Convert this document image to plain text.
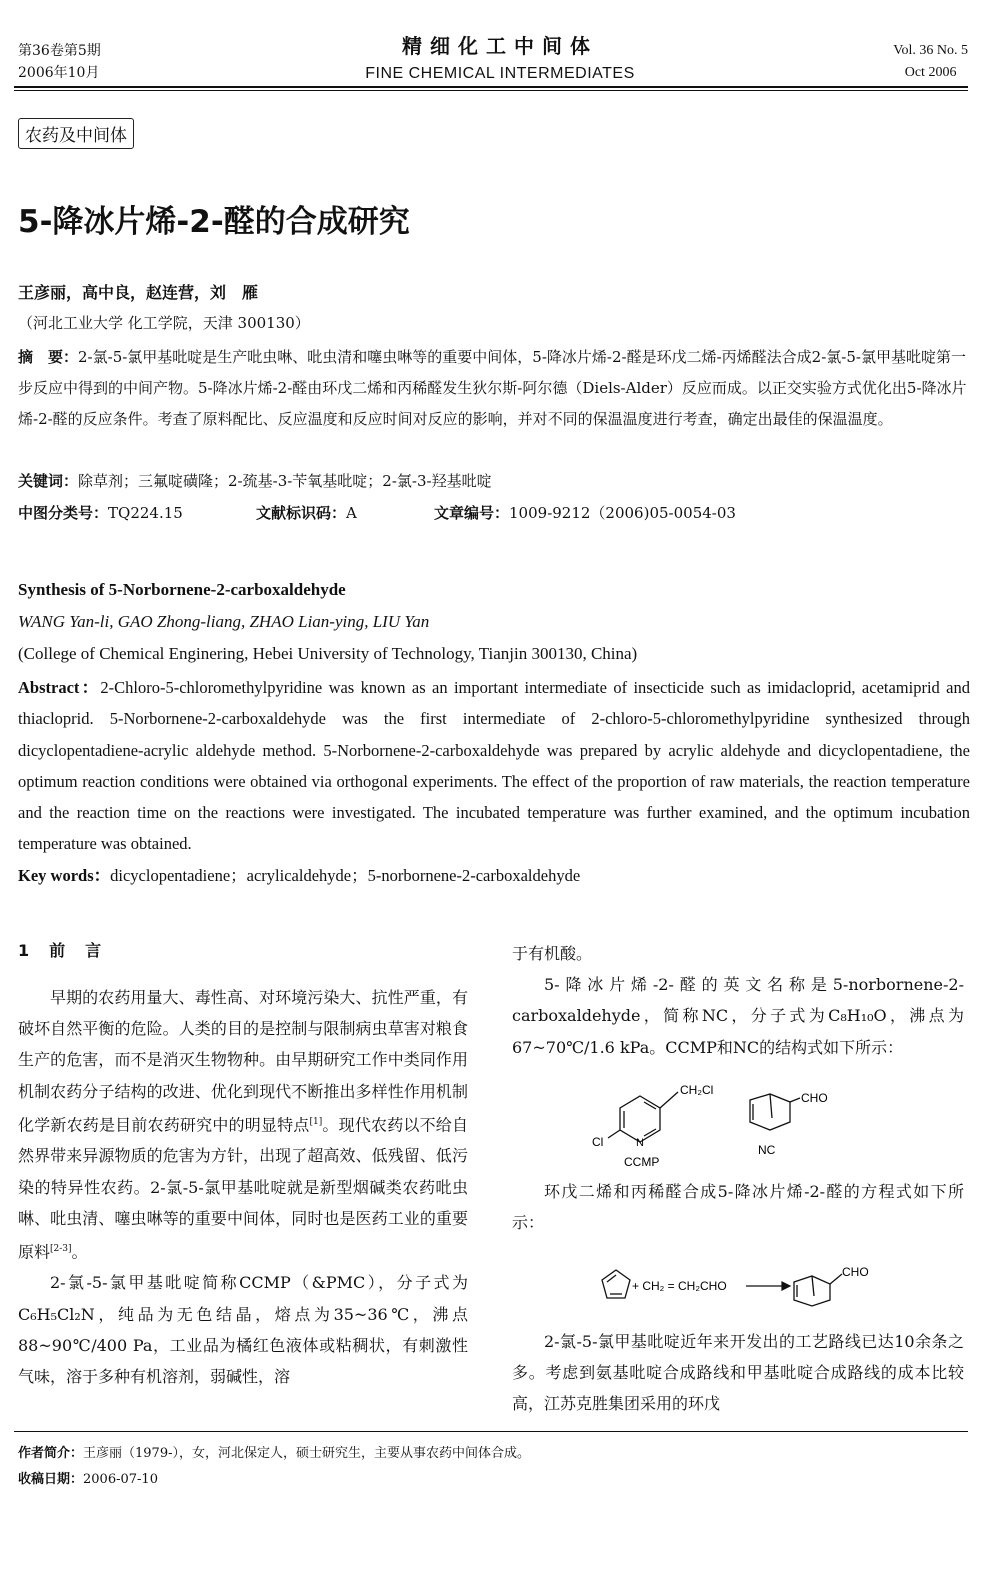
第36卷第5期
2006年10月
精细化工中间体
FINE CHEMICAL INTERMEDIATES
Vol. 36 No. 5
Oct 2006
农药及中间体
5-降冰片烯-2-醛的合成研究
王彦丽，高中良，赵连营，刘　雁
（河北工业大学 化工学院，天津 300130）
摘　要：2-氯-5-氯甲基吡啶是生产吡虫啉、吡虫清和噻虫啉等的重要中间体，5-降冰片烯-2-醛是环戊二烯-丙烯醛法合成2-氯-5-氯甲基吡啶第一步反应中得到的中间产物。5-降冰片烯-2-醛由环戊二烯和丙稀醛发生狄尔斯-阿尔德（Diels-Alder）反应而成。以正交实验方式优化出5-降冰片烯-2-醛的反应条件。考查了原料配比、反应温度和反应时间对反应的影响，并对不同的保温温度进行考查，确定出最佳的保温温度。
关键词：除草剂；三氟啶磺隆；2-巯基-3-苄氧基吡啶；2-氯-3-羟基吡啶
中图分类号：TQ224.15	文献标识码：A	文章编号：1009-9212（2006)05-0054-03
Synthesis of 5-Norbornene-2-carboxaldehyde
WANG Yan-li, GAO Zhong-liang, ZHAO Lian-ying, LIU Yan
(College of Chemical Enginering, Hebei University of Technology, Tianjin 300130, China)
Abstract：2-Chloro-5-chloromethylpyridine was known as an important intermediate of insecticide such as imidacloprid, acetamiprid and thiacloprid. 5-Norbornene-2-carboxaldehyde was the first intermediate of 2-chloro-5-chloromethylpyridine synthesized through dicyclopentadiene-acrylic aldehyde method. 5-Norbornene-2-carboxaldehyde was prepared by acrylic aldehyde and dicyclopentadiene, the optimum reaction conditions were obtained via orthogonal experiments. The effect of the proportion of raw materials, the reaction temperature and the reaction time on the reactions were investigated. The incubated temperature was further examined, and the optimum incubation temperature was obtained.
Key words：dicyclopentadiene；acrylicaldehyde；5-norbornene-2-carboxaldehyde
1　前　言

早期的农药用量大、毒性高、对环境污染大、抗性严重，有破坏自然平衡的危险。人类的目的是控制与限制病虫草害对粮食生产的危害，而不是消灭生物物种。由早期研究工作中类同作用机制农药分子结构的改进、优化到现代不断推出多样性作用机制化学新农药是目前农药研究中的明显特点[1]。现代农药以不给自然界带来异源物质的危害为方针，出现了超高效、低残留、低污染的特异性农药。2-氯-5-氯甲基吡啶就是新型烟碱类农药吡虫啉、吡虫清、噻虫啉等的重要中间体，同时也是医药工业的重要原料[2-3]。

2-氯-5-氯甲基吡啶简称CCMP（&PMC），分子式为C₆H₅Cl₂N，纯品为无色结晶，熔点为35~36℃，沸点88~90℃/400 Pa，工业品为橘红色液体或粘稠状，有刺激性气味，溶于多种有机溶剂，弱碱性，溶

于有机酸。

5-降冰片烯-2-醛的英文名称是5-norbornene-2-carboxaldehyde，简称NC，分子式为C₈H₁₀O，沸点为67~70℃/1.6 kPa。CCMP和NC的结构式如下所示：

CH₂Cl
Cl	N
CCMP
CHO
NC

环戊二烯和丙稀醛合成5-降冰片烯-2-醛的方程式如下所示：

+ CH₂ = CH₂CHO
CHO

2-氯-5-氯甲基吡啶近年来开发出的工艺路线已达10余条之多。考虑到氨基吡啶合成路线和甲基吡啶合成路线的成本比较高，江苏克胜集团采用的环戊

作者简介：王彦丽（1979-），女，河北保定人，硕士研究生，主要从事农药中间体合成。
收稿日期：2006-07-10
